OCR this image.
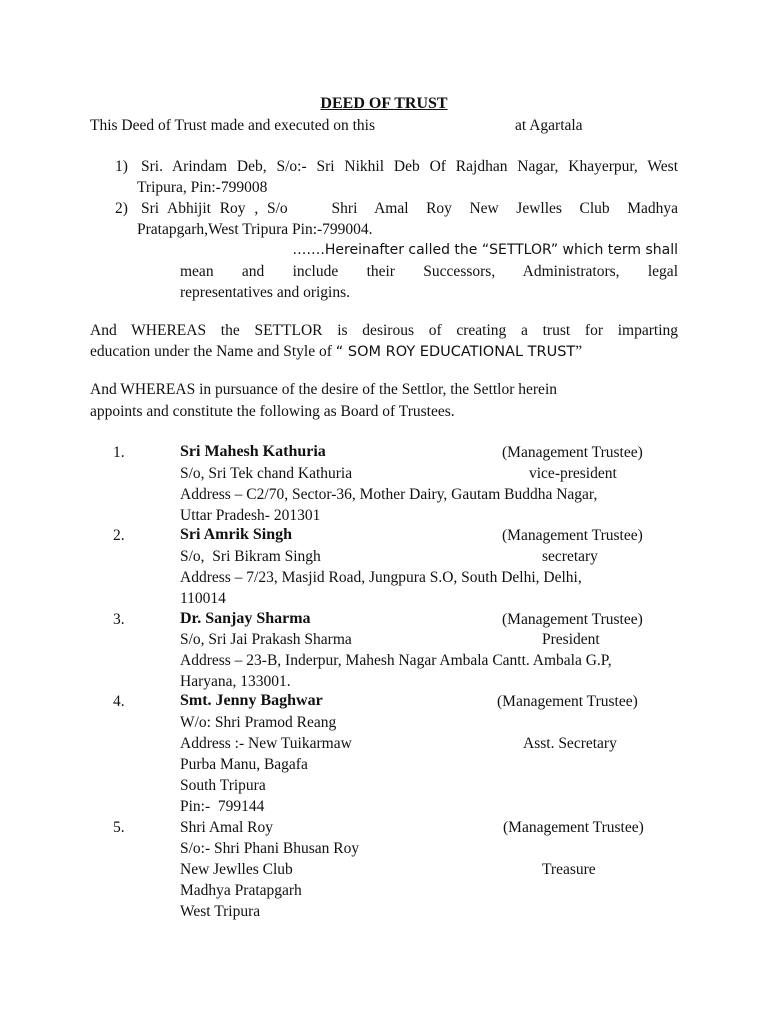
DEED OF TRUST
This Deed of Trust made and executed on this	at Agartala
1) Sri. Arindam Deb, S/o:- Sri Nikhil Deb Of Rajdhan Nagar, Khayerpur, West
Tripura, Pin:-799008
2) Sri Abhijit Roy , S/o     Shri  Amal  Roy  New  Jewlles  Club  Madhya
Pratapgarh,West Tripura Pin:-799004.
…….Hereinafter called the “SETTLOR” which term shall
mean    and    include    their    Successors,    Administrators,    legal
representatives and origins.
And WHEREAS the SETTLOR is desirous of creating a trust for imparting
education under the Name and Style of “ SOM ROY EDUCATIONAL TRUST”
And WHEREAS in pursuance of the desire of the Settlor, the Settlor herein
appoints and constitute the following as Board of Trustees.
1.	Sri Mahesh Kathuria	(Management Trustee)
S/o, Sri Tek chand Kathuria	vice-president
Address – C2/70, Sector-36, Mother Dairy, Gautam Buddha Nagar,
Uttar Pradesh- 201301
2.	Sri Amrik Singh	(Management Trustee)
S/o,  Sri Bikram Singh	secretary
Address – 7/23, Masjid Road, Jungpura S.O, South Delhi, Delhi,
110014
3.	Dr. Sanjay Sharma	(Management Trustee)
S/o, Sri Jai Prakash Sharma	President
Address – 23-B, Inderpur, Mahesh Nagar Ambala Cantt. Ambala G.P,
Haryana, 133001.
4.	Smt. Jenny Baghwar	(Management Trustee)
W/o: Shri Pramod Reang
Address :- New Tuikarmaw	Asst. Secretary
Purba Manu, Bagafa
South Tripura
Pin:-  799144
5.	Shri Amal Roy	(Management Trustee)
S/o:- Shri Phani Bhusan Roy
New Jewlles Club	Treasure
Madhya Pratapgarh
West Tripura
